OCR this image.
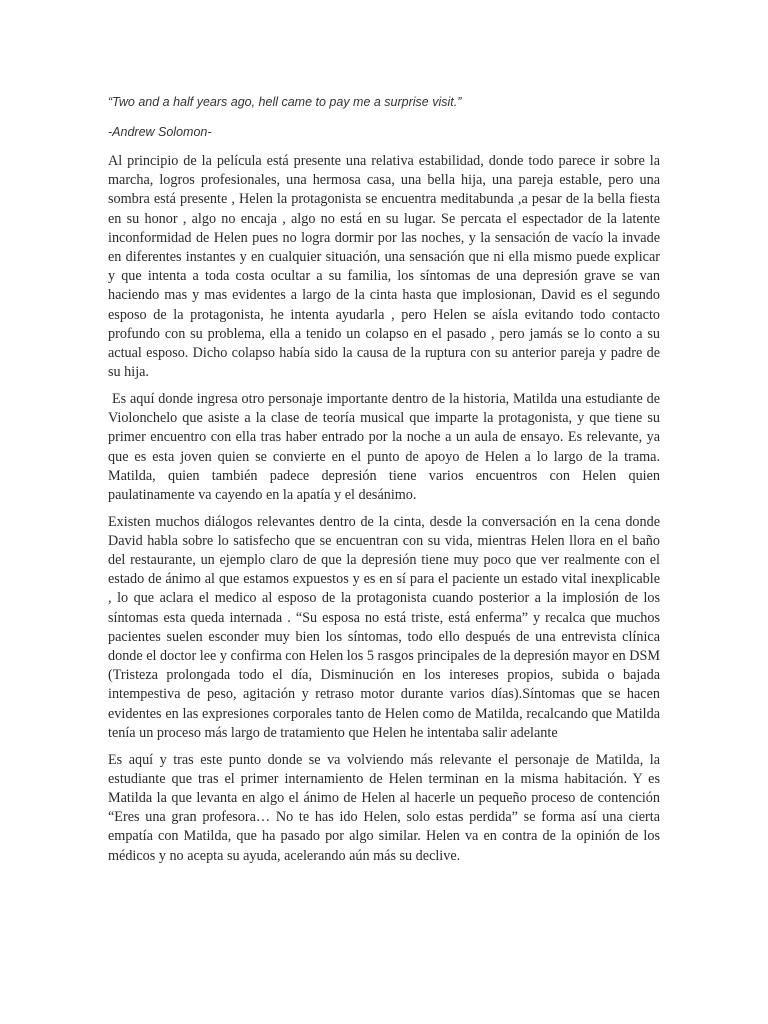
“Two and a half years ago, hell came to pay me a surprise visit.”

-Andrew Solomon-

Al principio de la película está presente una relativa estabilidad, donde todo parece ir sobre la marcha, logros profesionales, una hermosa casa, una bella hija, una pareja estable, pero una sombra está presente , Helen la protagonista se encuentra meditabunda ,a pesar de la bella fiesta en su honor , algo no encaja , algo no está en su lugar. Se percata el espectador de la latente inconformidad de Helen pues no logra dormir por las noches, y la sensación de vacío la invade en diferentes instantes y en cualquier situación, una sensación que ni ella mismo puede explicar y que intenta a toda costa ocultar a su familia, los síntomas de una depresión grave se van haciendo mas y mas evidentes a largo de la cinta hasta que implosionan, David es el segundo esposo de la protagonista, he intenta ayudarla , pero Helen se aísla evitando todo contacto profundo con su problema, ella a tenido un colapso en el pasado , pero jamás se lo conto a su actual esposo. Dicho colapso había sido la causa de la ruptura con su anterior pareja y padre de su hija.

Es aquí donde ingresa otro personaje importante dentro de la historia, Matilda una estudiante de Violonchelo que asiste a la clase de teoría musical que imparte la protagonista, y que tiene su primer encuentro con ella tras haber entrado por la noche a un aula de ensayo. Es relevante, ya que es esta joven quien se convierte en el punto de apoyo de Helen a lo largo de la trama. Matilda, quien también padece depresión tiene varios encuentros con Helen quien paulatinamente va cayendo en la apatía y el desánimo.

Existen muchos diálogos relevantes dentro de la cinta, desde la conversación en la cena donde David habla sobre lo satisfecho que se encuentran con su vida, mientras Helen llora en el baño del restaurante, un ejemplo claro de que la depresión tiene muy poco que ver realmente con el estado de ánimo al que estamos expuestos y es en sí para el paciente un estado vital inexplicable , lo que aclara el medico al esposo de la protagonista cuando posterior a la implosión de los síntomas esta queda internada . “Su esposa no está triste, está enferma” y recalca que muchos pacientes suelen esconder muy bien los síntomas, todo ello después de una entrevista clínica donde el doctor lee y confirma con Helen los 5 rasgos principales de la depresión mayor en DSM (Tristeza prolongada todo el día, Disminución en los intereses propios, subida o bajada intempestiva de peso, agitación y retraso motor durante varios días).Síntomas que se hacen evidentes en las expresiones corporales tanto de Helen como de Matilda, recalcando que Matilda tenía un proceso más largo de tratamiento que Helen he intentaba salir adelante

Es aquí y tras este punto donde se va volviendo más relevante el personaje de Matilda, la estudiante que tras el primer internamiento de Helen terminan en la misma habitación. Y es Matilda la que levanta en algo el ánimo de Helen al hacerle un pequeño proceso de contención “Eres una gran profesora… No te has ido Helen, solo estas perdida” se forma así una cierta empatía con Matilda, que ha pasado por algo similar. Helen va en contra de la opinión de los médicos y no acepta su ayuda, acelerando aún más su declive.
